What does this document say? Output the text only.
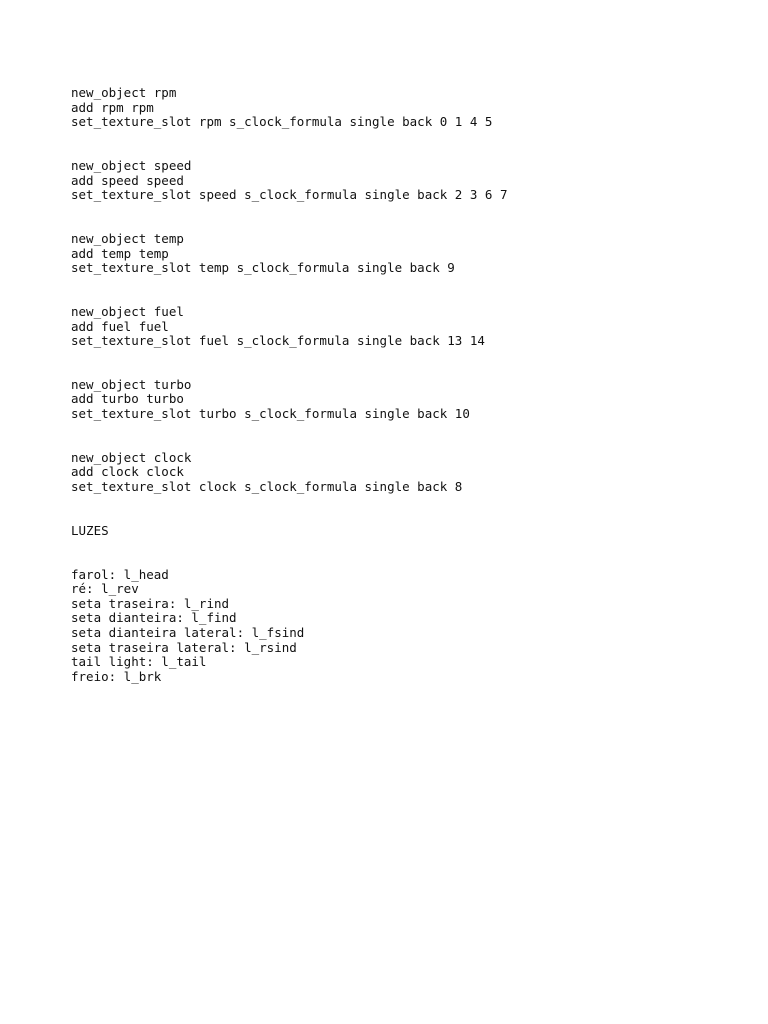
new_object rpm
add rpm rpm
set_texture_slot rpm s_clock_formula single back 0 1 4 5
new_object speed
add speed speed
set_texture_slot speed s_clock_formula single back 2 3 6 7
new_object temp
add temp temp
set_texture_slot temp s_clock_formula single back 9
new_object fuel
add fuel fuel
set_texture_slot fuel s_clock_formula single back 13 14
new_object turbo
add turbo turbo
set_texture_slot turbo s_clock_formula single back 10
new_object clock
add clock clock
set_texture_slot clock s_clock_formula single back 8
LUZES
farol: l_head
ré: l_rev
seta traseira: l_rind
seta dianteira: l_find
seta dianteira lateral: l_fsind
seta traseira lateral: l_rsind
tail light: l_tail
freio: l_brk
